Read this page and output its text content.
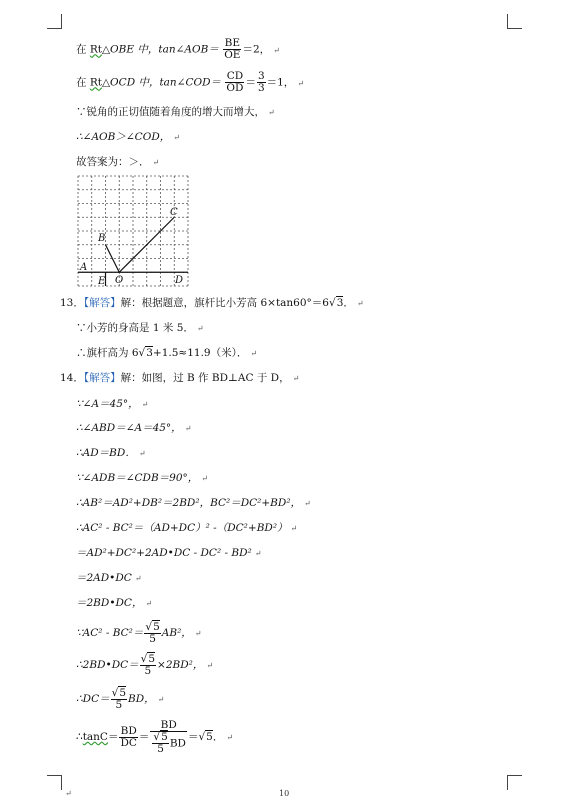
在 Rt△OBE 中，tan∠AOB＝ $\frac{BE}{OE} =2$， ↵
在 Rt△OCD 中，tan∠COD＝ $\frac{CD}{OD} = \frac{3}{3} =1$， ↵
∵锐角的正切值随着角度的增大而增大， ↵
∴∠AOB＞∠COD， ↵
故答案为：＞． ↵
C
B
A
E O	D
13．【解答】解：根据题意，旗杆比小芳高 6×tan60°＝6√3． ↵
∵小芳的身高是 1 米 5． ↵
∴旗杆高为 6√3+1.5≈11.9（米）． ↵
14．【解答】解：如图，过 B 作 BD⊥AC 于 D， ↵
∵∠A＝45°， ↵
∴∠ABD＝∠A＝45°， ↵
∴AD＝BD． ↵
∵∠ADB＝∠CDB＝90°， ↵
∴AB²＝AD²+DB²＝2BD²，BC²＝DC²+BD²， ↵
∴AC² - BC²＝（AD+DC）² -（DC²+BD²） ↵
＝AD²+DC²+2AD•DC - DC² - BD² ↵
＝2AD•DC ↵
＝2BD•DC， ↵
∵AC² - $BC^2= \frac{√5}{5} AB^2$， ↵
∴2BD•DC＝ $\frac{√5}{5} \times 2BD^2$， ↵
∴DC＝ $\frac{√5}{5}$ BD， ↵
∴tanC＝ $\frac{BD}{DC} = \frac{BD}{\frac{√5}{5} BD} =√5$． ↵
10
↵
